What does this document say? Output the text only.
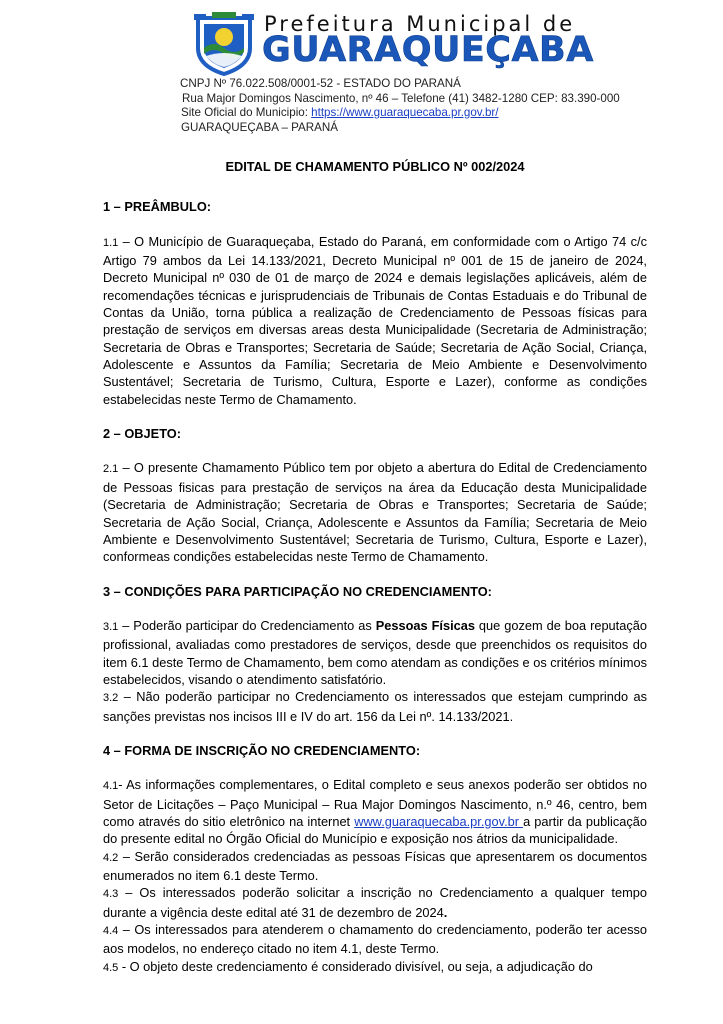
Prefeitura Municipal de
GUARAQUEÇABA
CNPJ Nº 76.022.508/0001-52 - ESTADO DO PARANÁ
Rua Major Domingos Nascimento, nº 46 – Telefone (41) 3482-1280 CEP: 83.390-000
Site Oficial do Municipio: https://www.guaraquecaba.pr.gov.br/
GUARAQUEÇABA – PARANÁ
EDITAL DE CHAMAMENTO PÚBLICO Nº 002/2024
1 – PREÂMBULO:

1.1 – O Município de Guaraqueçaba, Estado do Paraná, em conformidade com o Artigo 74 c/c Artigo 79 ambos da Lei 14.133/2021, Decreto Municipal nº 001 de 15 de janeiro de 2024, Decreto Municipal nº 030 de 01 de março de 2024 e demais legislações aplicáveis, além de recomendações técnicas e jurisprudenciais de Tribunais de Contas Estaduais e do Tribunal de Contas da União, torna pública a realização de Credenciamento de Pessoas físicas para prestação de serviços em diversas areas desta Municipalidade (Secretaria de Administração; Secretaria de Obras e Transportes; Secretaria de Saúde; Secretaria de Ação Social, Criança, Adolescente e Assuntos da Família; Secretaria de Meio Ambiente e Desenvolvimento Sustentável; Secretaria de Turismo, Cultura, Esporte e Lazer), conforme as condições estabelecidas neste Termo de Chamamento.

2 – OBJETO:

2.1 – O presente Chamamento Público tem por objeto a abertura do Edital de Credenciamento de Pessoas fisicas para prestação de serviços na área da Educação desta Municipalidade (Secretaria de Administração; Secretaria de Obras e Transportes; Secretaria de Saúde; Secretaria de Ação Social, Criança, Adolescente e Assuntos da Família; Secretaria de Meio Ambiente e Desenvolvimento Sustentável; Secretaria de Turismo, Cultura, Esporte e Lazer), conformeas condições estabelecidas neste Termo de Chamamento.

3 – CONDIÇÕES PARA PARTICIPAÇÃO NO CREDENCIAMENTO:

3.1 – Poderão participar do Credenciamento as Pessoas Físicas que gozem de boa reputação profissional, avaliadas como prestadores de serviços, desde que preenchidos os requisitos do item 6.1 deste Termo de Chamamento, bem como atendam as condições e os critérios mínimos estabelecidos, visando o atendimento satisfatório.

3.2 – Não poderão participar no Credenciamento os interessados que estejam cumprindo as sanções previstas nos incisos III e IV do art. 156 da Lei nº. 14.133/2021.

4 – FORMA DE INSCRIÇÃO NO CREDENCIAMENTO:

4.1- As informações complementares, o Edital completo e seus anexos poderão ser obtidos no Setor de Licitações – Paço Municipal – Rua Major Domingos Nascimento, n.º 46, centro, bem como através do sitio eletrônico na internet www.guaraquecaba.pr.gov.br a partir da publicação do presente edital no Órgão Oficial do Município e exposição nos átrios da municipalidade.

4.2 – Serão considerados credenciadas as pessoas Físicas que apresentarem os documentos enumerados no item 6.1 deste Termo.

4.3 – Os interessados poderão solicitar a inscrição no Credenciamento a qualquer tempo durante a vigência deste edital até 31 de dezembro de 2024.

4.4 – Os interessados para atenderem o chamamento do credenciamento, poderão ter acesso aos modelos, no endereço citado no item 4.1, deste Termo.

4.5 - O objeto deste credenciamento é considerado divisível, ou seja, a adjudicação do
